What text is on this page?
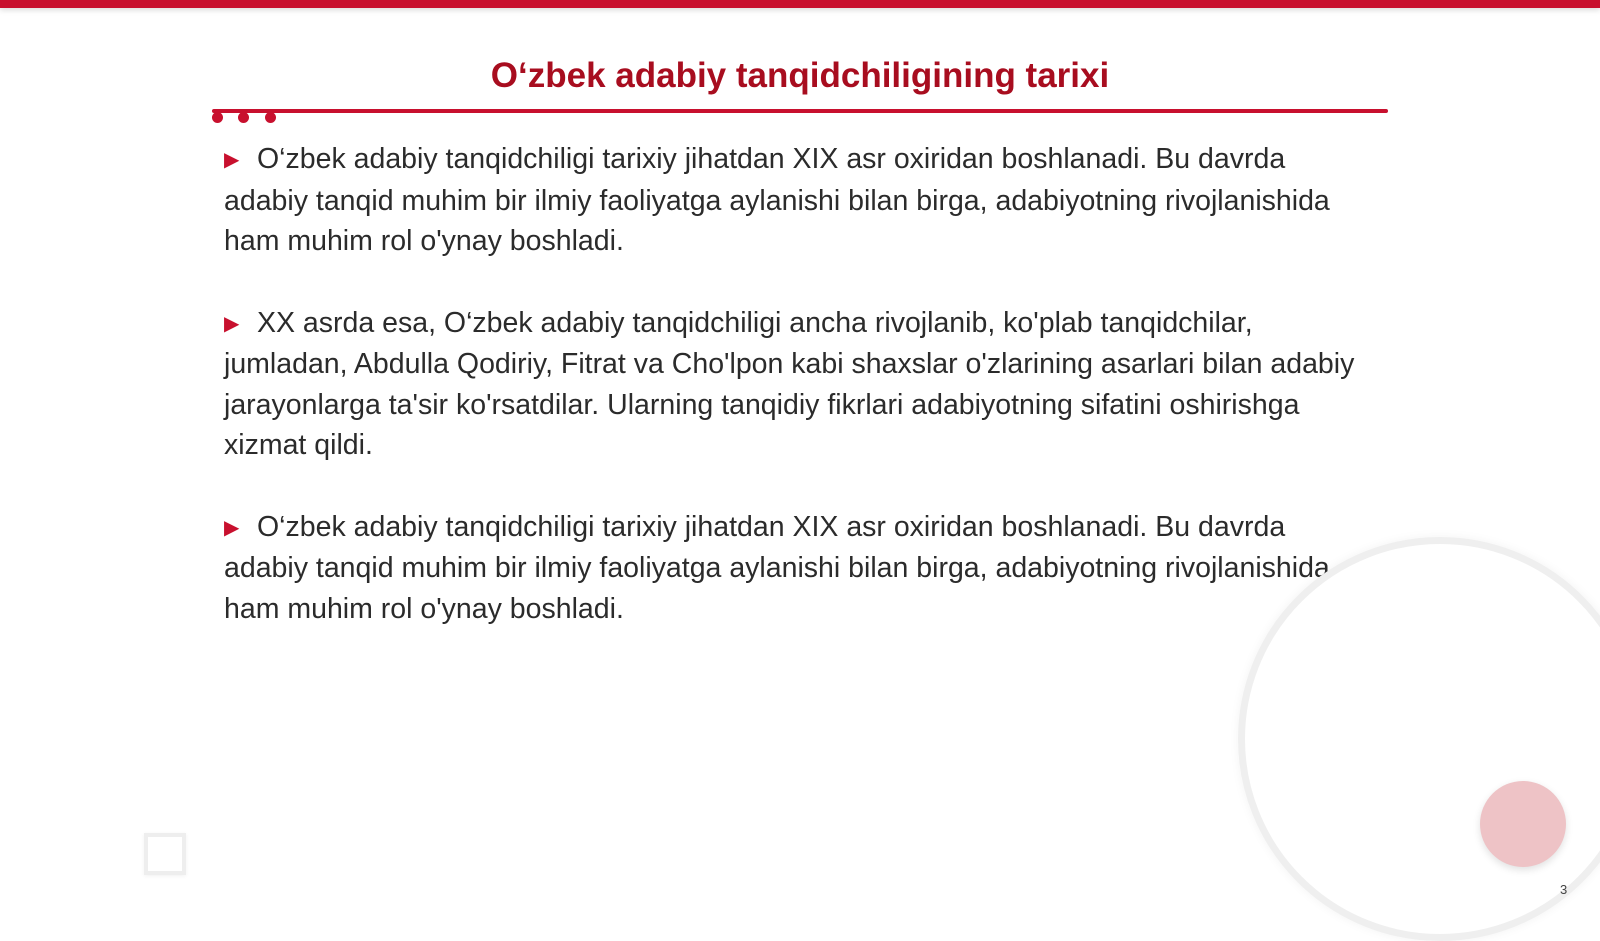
O‘zbek adabiy tanqidchiligining tarixi
▶ O‘zbek adabiy tanqidchiligi tarixiy jihatdan XIX asr oxiridan boshlanadi. Bu davrda adabiy tanqid muhim bir ilmiy faoliyatga aylanishi bilan birga, adabiyotning rivojlanishida ham muhim rol o'ynay boshladi.
▶ XX asrda esa, O‘zbek adabiy tanqidchiligi ancha rivojlanib, ko'plab tanqidchilar, jumladan, Abdulla Qodiriy, Fitrat va Cho'lpon kabi shaxslar o'zlarining asarlari bilan adabiy jarayonlarga ta'sir ko'rsatdilar. Ularning tanqidiy fikrlari adabiyotning sifatini oshirishga xizmat qildi.
▶ O‘zbek adabiy tanqidchiligi tarixiy jihatdan XIX asr oxiridan boshlanadi. Bu davrda adabiy tanqid muhim bir ilmiy faoliyatga aylanishi bilan birga, adabiyotning rivojlanishida ham muhim rol o'ynay boshladi.
3
